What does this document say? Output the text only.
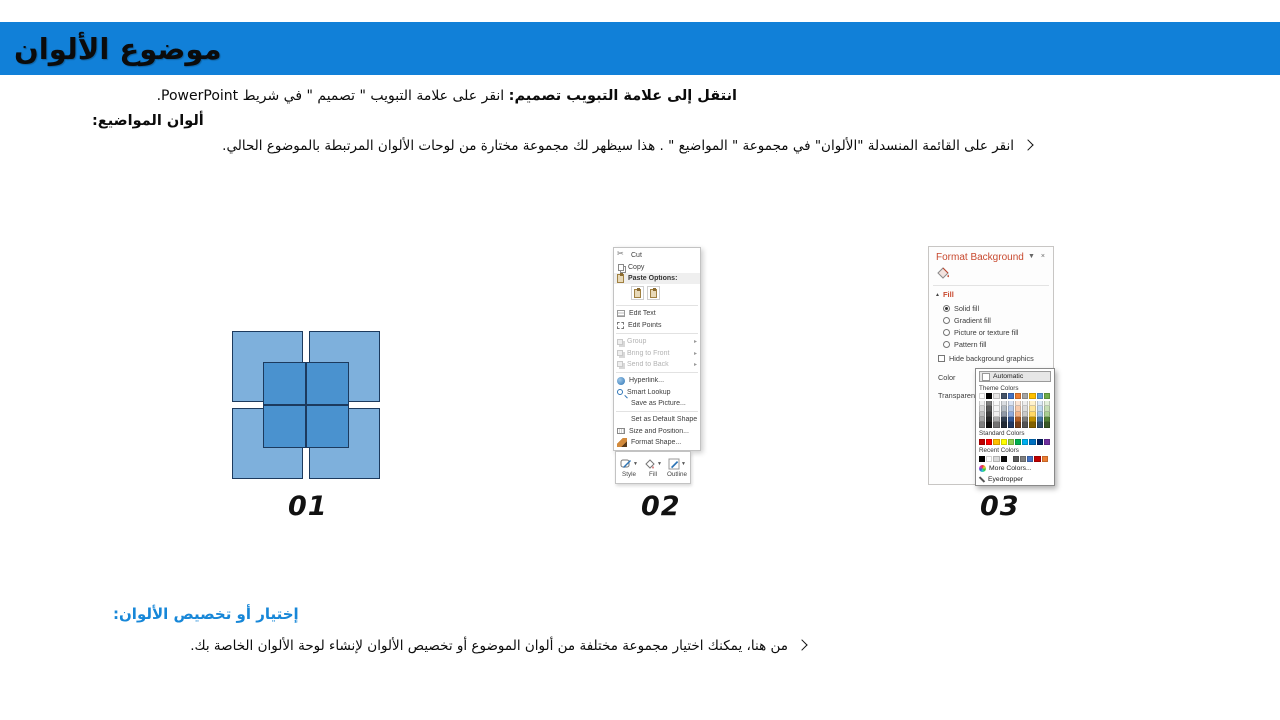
موضوع الألوان
انتقل إلى علامة التبويب تصميم: انقر على علامة التبويب " تصميم " في شريط PowerPoint.
ألوان المواضيع:
انقر على القائمة المنسدلة "الألوان" في مجموعة " المواضيع " . هذا سيظهر لك مجموعة مختارة من لوحات الألوان المرتبطة بالموضوع الحالي.
01	02	03
✂
Cut
Copy
Paste Options:
Edit Text
Edit Points
Group	▸
Bring to Front	▸
Send to Back	▸
Hyperlink...
Smart Lookup
Save as Picture...
Set as Default Shape
Size and Position...
Format Shape...
▼
Style
▼
Fill
▼
Outline
Format Background ▼ ×
▲ Fill
Solid fill
Gradient fill
Picture or texture fill
Pattern fill
Hide background graphics
Color
Transparen
Automatic
Theme Colors
Standard Colors
Recent Colors
More Colors...
Eyedropper
إختيار أو تخصيص الألوان:
من هنا، يمكنك اختيار مجموعة مختلفة من ألوان الموضوع أو تخصيص الألوان لإنشاء لوحة الألوان الخاصة بك.
